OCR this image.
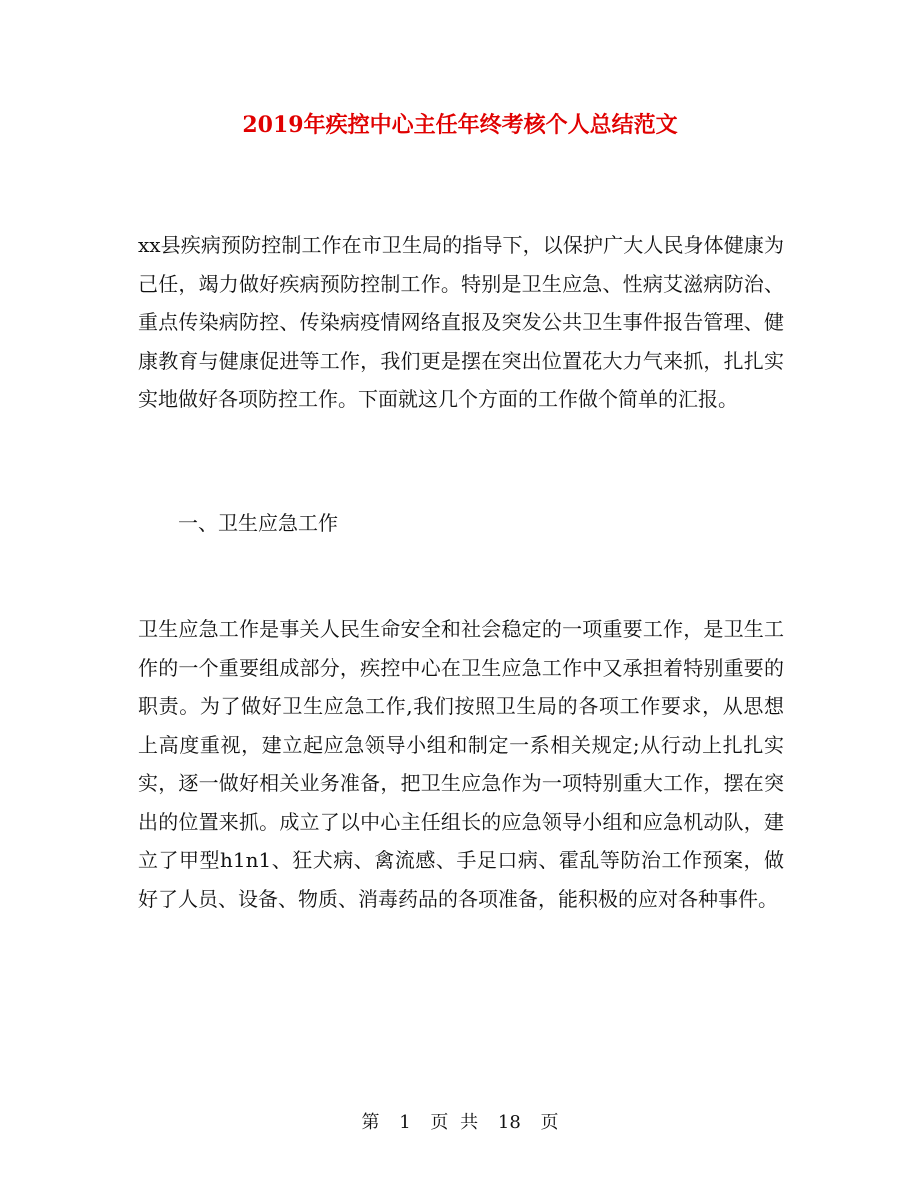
2019年疾控中心主任年终考核个人总结范文
xx县疾病预防控制工作在市卫生局的指导下，以保护广大人民身体健康为己任，竭力做好疾病预防控制工作。特别是卫生应急、性病艾滋病防治、重点传染病防控、传染病疫情网络直报及突发公共卫生事件报告管理、健康教育与健康促进等工作，我们更是摆在突出位置花大力气来抓，扎扎实实地做好各项防控工作。下面就这几个方面的工作做个简单的汇报。
一、卫生应急工作
卫生应急工作是事关人民生命安全和社会稳定的一项重要工作，是卫生工作的一个重要组成部分，疾控中心在卫生应急工作中又承担着特别重要的职责。为了做好卫生应急工作,我们按照卫生局的各项工作要求，从思想上高度重视，建立起应急领导小组和制定一系相关规定;从行动上扎扎实实，逐一做好相关业务准备，把卫生应急作为一项特别重大工作，摆在突出的位置来抓。成立了以中心主任组长的应急领导小组和应急机动队，建立了甲型h1n1、狂犬病、禽流感、手足口病、霍乱等防治工作预案，做好了人员、设备、物质、消毒药品的各项准备，能积极的应对各种事件。
第 1 页 共 18 页
